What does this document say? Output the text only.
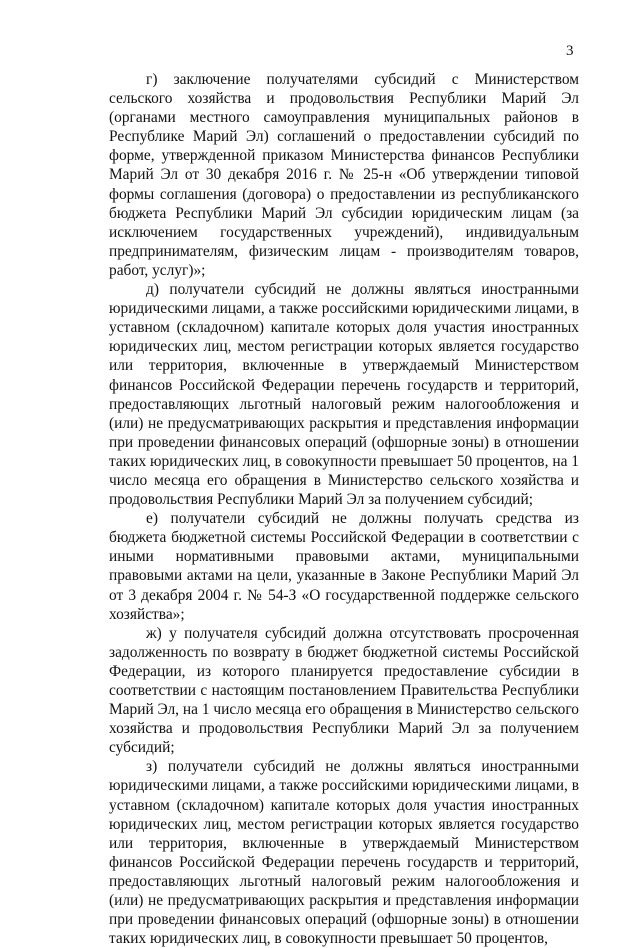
3

г) заключение получателями субсидий с Министерством сельского хозяйства и продовольствия Республики Марий Эл (органами местного самоуправления муниципальных районов в Республике Марий Эл) соглашений о предоставлении субсидий по форме, утвержденной приказом Министерства финансов Республики Марий Эл от 30 декабря 2016 г. № 25-н «Об утверждении типовой формы соглашения (договора) о предоставлении из республиканского бюджета Республики Марий Эл субсидии юридическим лицам (за исключением государственных учреждений), индивидуальным предпринимателям, физическим лицам - производителям товаров, работ, услуг)»;

д) получатели субсидий не должны являться иностранными юридическими лицами, а также российскими юридическими лицами, в уставном (складочном) капитале которых доля участия иностранных юридических лиц, местом регистрации которых является государство или территория, включенные в утверждаемый Министерством финансов Российской Федерации перечень государств и территорий, предоставляющих льготный налоговый режим налогообложения и (или) не предусматривающих раскрытия и представления информации при проведении финансовых операций (офшорные зоны) в отношении таких юридических лиц, в совокупности превышает 50 процентов, на 1 число месяца его обращения в Министерство сельского хозяйства и продовольствия Республики Марий Эл за получением субсидий;

е) получатели субсидий не должны получать средства из бюджета бюджетной системы Российской Федерации в соответствии с иными нормативными правовыми актами, муниципальными правовыми актами на цели, указанные в Законе Республики Марий Эл от 3 декабря 2004 г. № 54-З «О государственной поддержке сельского хозяйства»;

ж) у получателя субсидий должна отсутствовать просроченная задолженность по возврату в бюджет бюджетной системы Российской Федерации, из которого планируется предоставление субсидии в соответствии с настоящим постановлением Правительства Республики Марий Эл, на 1 число месяца его обращения в Министерство сельского хозяйства и продовольствия Республики Марий Эл за получением субсидий;

з) получатели субсидий не должны являться иностранными юридическими лицами, а также российскими юридическими лицами, в уставном (складочном) капитале которых доля участия иностранных юридических лиц, местом регистрации которых является государство или территория, включенные в утверждаемый Министерством финансов Российской Федерации перечень государств и территорий, предоставляющих льготный налоговый режим налогообложения и (или) не предусматривающих раскрытия и представления информации при проведении финансовых операций (офшорные зоны) в отношении таких юридических лиц, в совокупности превышает 50 процентов,
